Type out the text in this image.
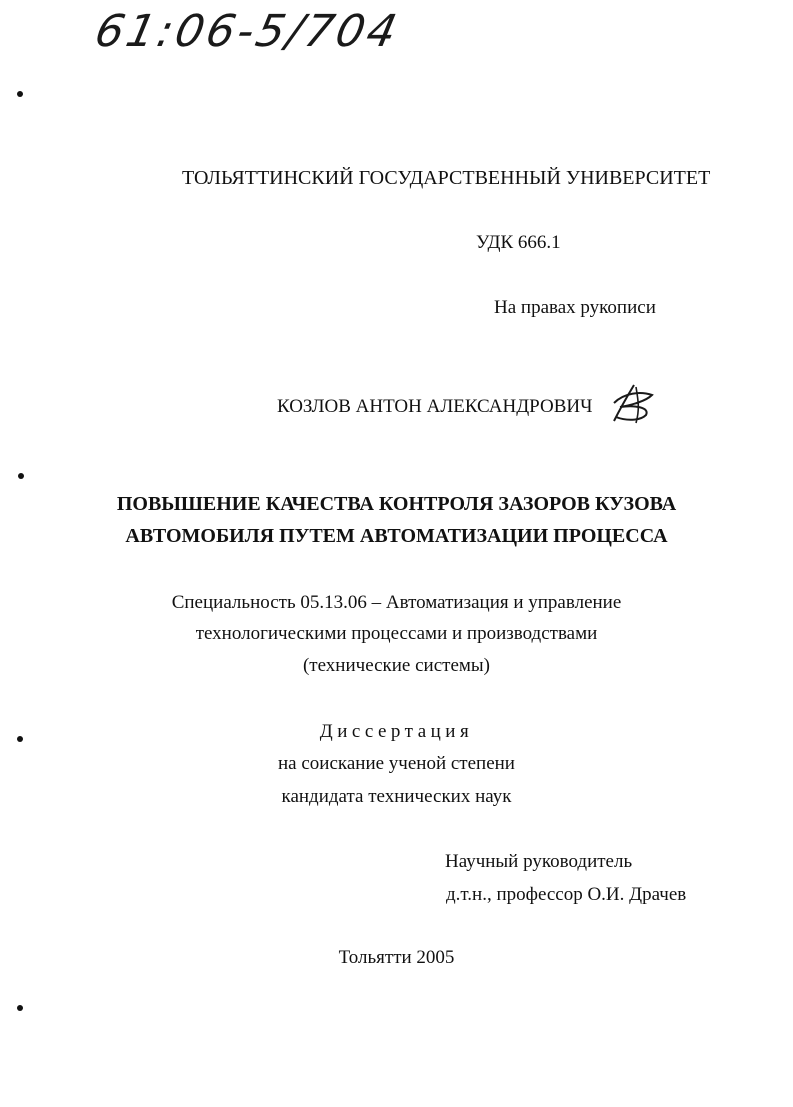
61:06-5/704
ТОЛЬЯТТИНСКИЙ ГОСУДАРСТВЕННЫЙ УНИВЕРСИТЕТ
УДК 666.1
На правах рукописи
КОЗЛОВ АНТОН АЛЕКСАНДРОВИЧ
ПОВЫШЕНИЕ КАЧЕСТВА КОНТРОЛЯ ЗАЗОРОВ КУЗОВА
АВТОМОБИЛЯ ПУТЕМ АВТОМАТИЗАЦИИ ПРОЦЕССА
Специальность 05.13.06 – Автоматизация и управление
технологическими процессами и производствами
(технические системы)
Диссертация
на соискание ученой степени
кандидата технических наук
Научный руководитель
д.т.н., профессор О.И. Драчев
Тольятти 2005
